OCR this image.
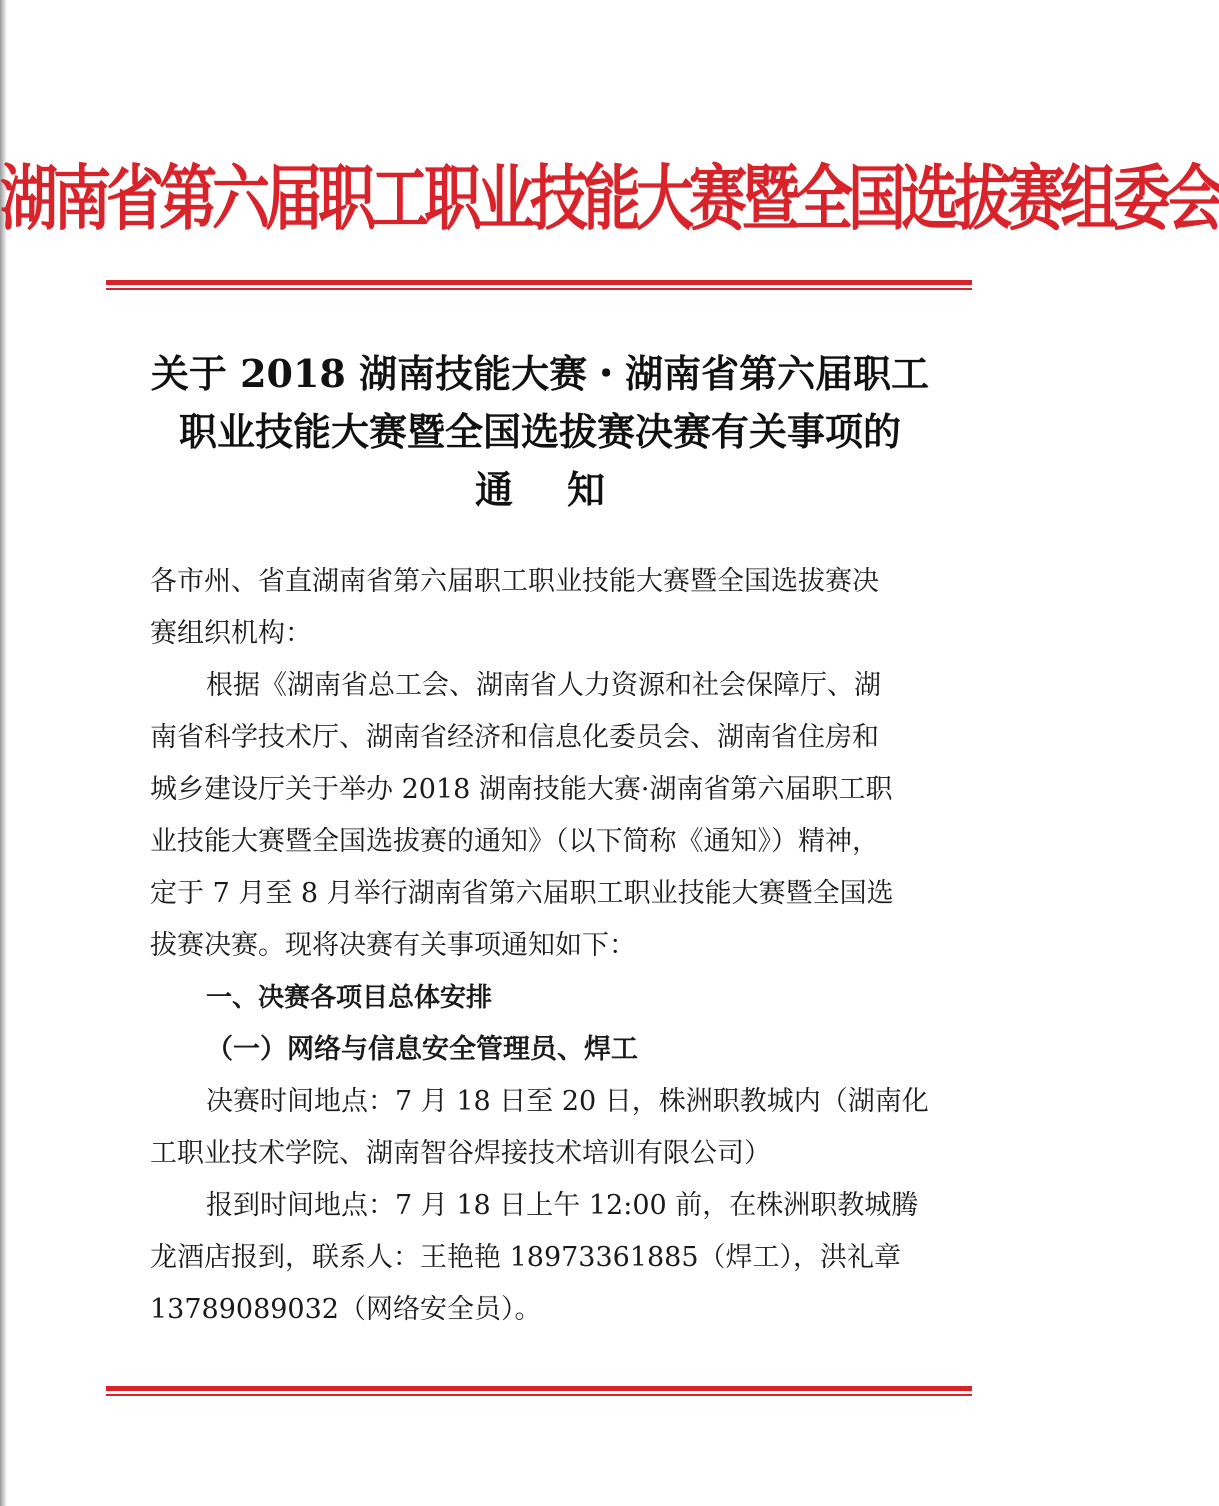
湖南省第六届职工职业技能大赛暨全国选拔赛组委会
关于 2018 湖南技能大赛・湖南省第六届职工
职业技能大赛暨全国选拔赛决赛有关事项的
通知
各市州、省直湖南省第六届职工职业技能大赛暨全国选拔赛决
赛组织机构：
根据《湖南省总工会、湖南省人力资源和社会保障厅、湖
南省科学技术厅、湖南省经济和信息化委员会、湖南省住房和
城乡建设厅关于举办 2018 湖南技能大赛·湖南省第六届职工职
业技能大赛暨全国选拔赛的通知》（以下简称《通知》）精神，
定于 7 月至 8 月举行湖南省第六届职工职业技能大赛暨全国选
拔赛决赛。现将决赛有关事项通知如下：
一、决赛各项目总体安排
（一）网络与信息安全管理员、焊工
决赛时间地点：7 月 18 日至 20 日，株洲职教城内（湖南化
工职业技术学院、湖南智谷焊接技术培训有限公司）
报到时间地点：7 月 18 日上午 12:00 前，在株洲职教城腾
龙酒店报到，联系人：王艳艳 18973361885（焊工），洪礼章
13789089032（网络安全员）。
